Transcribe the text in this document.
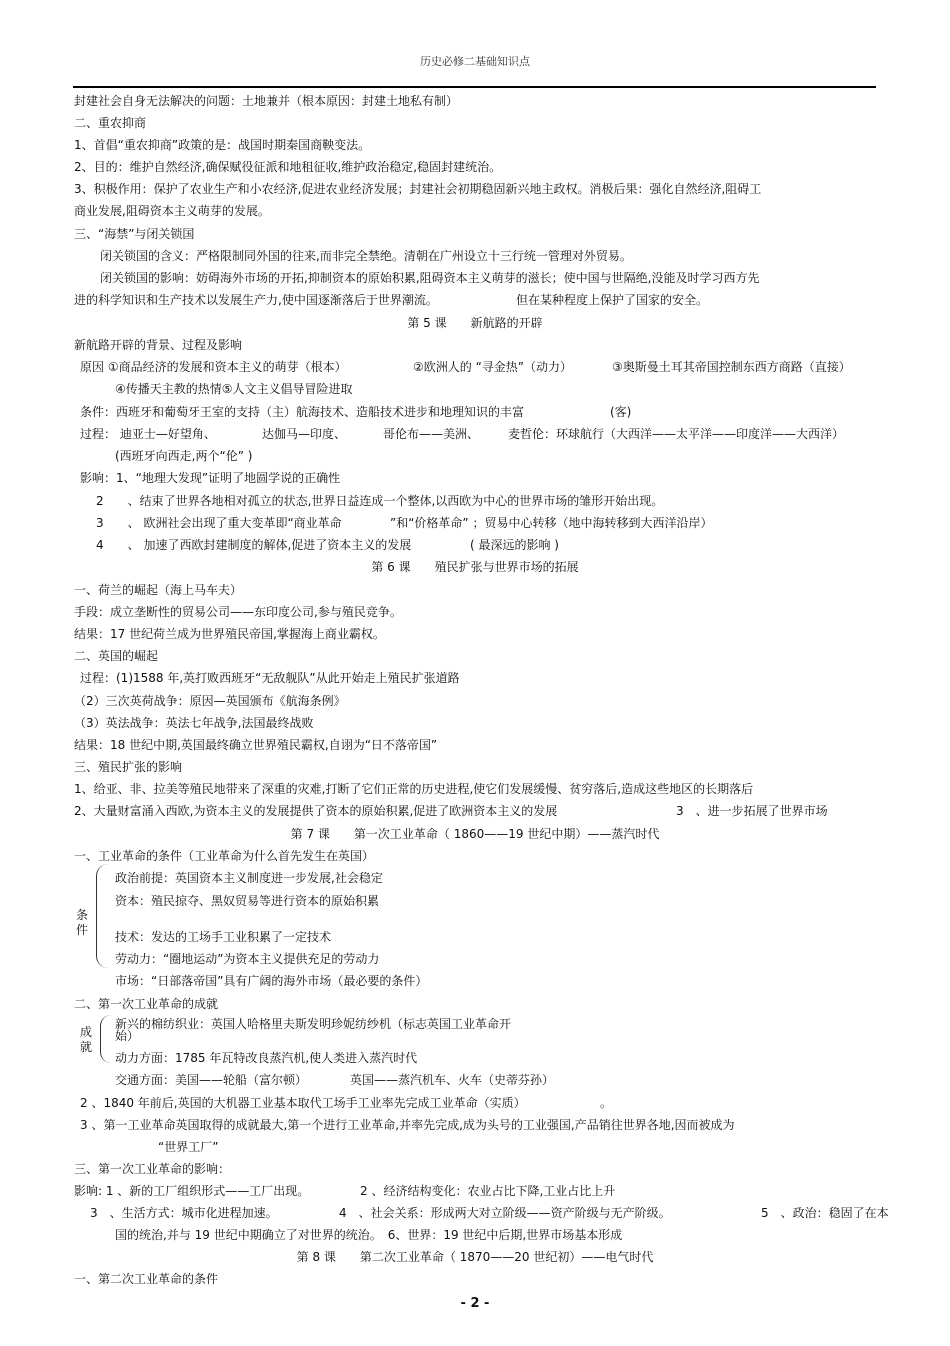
历史必修二基础知识点
封建社会自身无法解决的问题：土地兼并（根本原因：封建土地私有制）
二、重农抑商
1、首倡“重农抑商”政策的是：战国时期秦国商鞅变法。
2、目的：维护自然经济,确保赋役征派和地租征收,维护政治稳定,稳固封建统治。
3、积极作用：保护了农业生产和小农经济,促进农业经济发展；封建社会初期稳固新兴地主政权。消极后果：强化自然经济,阻碍工
商业发展,阻碍资本主义萌芽的发展。
三、“海禁”与闭关锁国
闭关锁国的含义：严格限制同外国的往来,而非完全禁绝。清朝在广州设立十三行统一管理对外贸易。
闭关锁国的影响：妨碍海外市场的开拓,抑制资本的原始积累,阻碍资本主义萌芽的滋长；使中国与世隔绝,没能及时学习西方先
进的科学知识和生产技术以发展生产力,使中国逐渐落后于世界潮流。	但在某种程度上保护了国家的安全。
第 5 课　　新航路的开辟
新航路开辟的背景、过程及影响
原因 ①商品经济的发展和资本主义的萌芽（根本）	②欧洲人的 “寻金热”（动力）	③奥斯曼土耳其帝国控制东西方商路（直接）
④传播天主教的热情⑤人文主义倡导冒险进取
条件：西班牙和葡萄牙王室的支持（主）航海技术、造船技术进步和地理知识的丰富	(客)
过程： 迪亚士—好望角、	达伽马—印度、	哥伦布——美洲、 麦哲伦：环球航行（大西洋——太平洋——印度洋——大西洋）
(西班牙向西走,两个“伦” )
影响：1、“地理大发现”证明了地圆学说的正确性
2　　、结束了世界各地相对孤立的状态,世界日益连成一个整体,以西欧为中心的世界市场的雏形开始出现。
3　　、 欧洲社会出现了重大变革即“商业革命	”和“价格革命” ；贸易中心转移（地中海转移到大西洋沿岸）
4　　、 加速了西欧封建制度的解体,促进了资本主义的发展	( 最深远的影响 )
第 6 课　　殖民扩张与世界市场的拓展
一、荷兰的崛起（海上马车夫）
手段：成立垄断性的贸易公司——东印度公司,参与殖民竞争。
结果：17 世纪荷兰成为世界殖民帝国,掌握海上商业霸权。
二、英国的崛起
过程：(1)1588 年,英打败西班牙“无敌舰队”从此开始走上殖民扩张道路
（2）三次英荷战争：原因—英国颁布《航海条例》
（3）英法战争：英法七年战争,法国最终战败
结果：18 世纪中期,英国最终确立世界殖民霸权,自诩为“日不落帝国”
三、殖民扩张的影响
1、给亚、非、拉美等殖民地带来了深重的灾难,打断了它们正常的历史进程,使它们发展缓慢、贫穷落后,造成这些地区的长期落后
2、大量财富涌入西欧,为资本主义的发展提供了资本的原始积累,促进了欧洲资本主义的发展	3　、进一步拓展了世界市场
第 7 课　　第一次工业革命（ 1860——19 世纪中期）——蒸汽时代
一、工业革命的条件（工业革命为什么首先发生在英国）
条件
政治前提：英国资本主义制度进一步发展,社会稳定
资本：殖民掠夺、黑奴贸易等进行资本的原始积累
技术：发达的工场手工业积累了一定技术
劳动力：“圈地运动”为资本主义提供充足的劳动力
市场：“日部落帝国”具有广阔的海外市场（最必要的条件）
二、第一次工业革命的成就
成就
新兴的棉纺织业：英国人哈格里夫斯发明珍妮纺纱机（标志英国工业革命开
始）
动力方面：1785 年瓦特改良蒸汽机,使人类进入蒸汽时代
交通方面：美国——轮船（富尔顿）	英国——蒸汽机车、火车（史蒂芬孙）
2 、1840 年前后,英国的大机器工业基本取代工场手工业率先完成工业革命（实质）	。
3 、第一工业革命英国取得的成就最大,第一个进行工业革命,并率先完成,成为头号的工业强国,产品销往世界各地,因而被成为
“世界工厂”
三、第一次工业革命的影响：
影响: 1 、新的工厂组织形式——工厂出现。	2 、经济结构变化：农业占比下降,工业占比上升
3　、生活方式：城市化进程加速。	4　、社会关系：形成两大对立阶级——资产阶级与无产阶级。	5　、政治：稳固了在本
国的统治,并与 19 世纪中期确立了对世界的统治。　6、世界：19 世纪中后期,世界市场基本形成
第 8 课　　第二次工业革命（ 1870——20 世纪初）——电气时代
一、第二次工业革命的条件
- 2 -
